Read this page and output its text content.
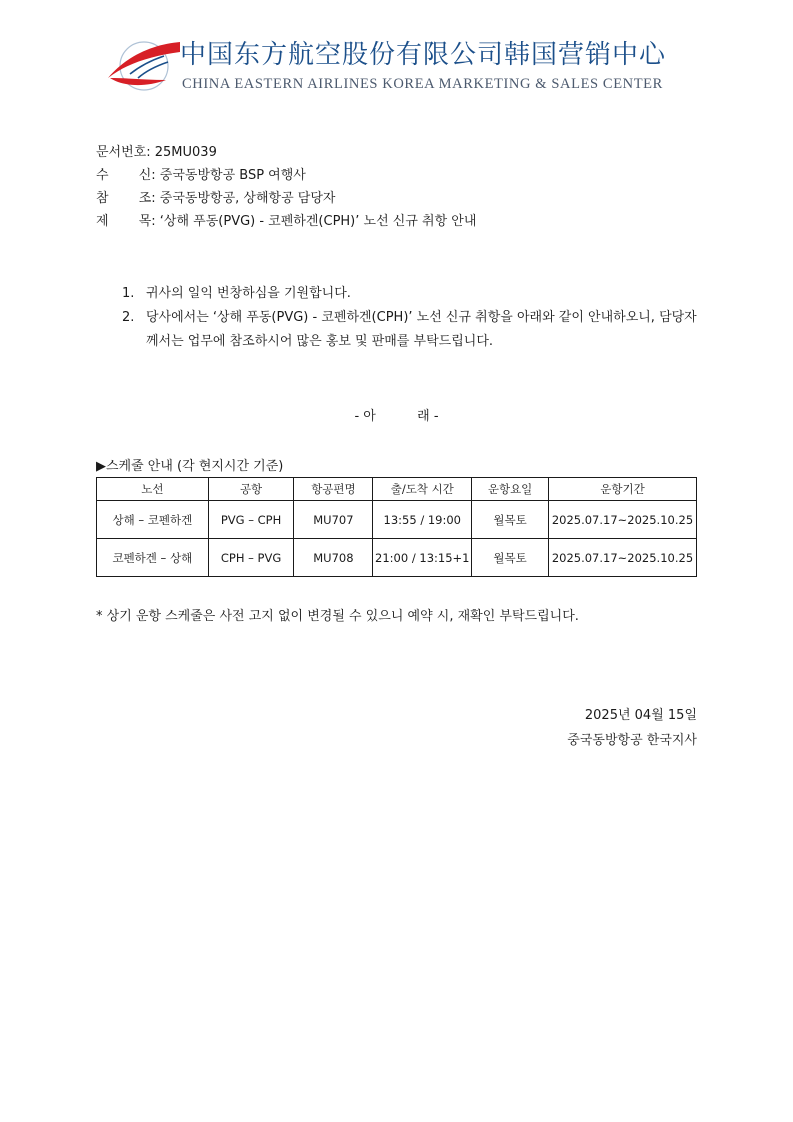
中国东方航空股份有限公司韩国营销中心
CHINA EASTERN AIRLINES KOREA MARKETING & SALES CENTER
문서번호: 25MU039
수　 　신: 중국동방항공 BSP 여행사
참　 　조: 중국동방항공, 상해항공 담당자
제　 　목: ‘상해 푸동(PVG) - 코펜하겐(CPH)’ 노선 신규 취항 안내
1. 귀사의 일익 번창하심을 기원합니다.
2. 당사에서는 ‘상해 푸동(PVG) - 코펜하겐(CPH)’ 노선 신규 취항을 아래와 같이 안내하오니, 담당자께서는 업무에 참조하시어 많은 홍보 및 판매를 부탁드립니다.
- 아          래 -
▶스케줄 안내 (각 현지시간 기준)
노선	공항	항공편명	출/도착 시간	운항요일	운항기간
상해 – 코펜하겐	PVG – CPH	MU707	13:55 / 19:00	월목토	2025.07.17~2025.10.25
코펜하겐 – 상해	CPH – PVG	MU708	21:00 / 13:15+1	월목토	2025.07.17~2025.10.25
* 상기 운항 스케줄은 사전 고지 없이 변경될 수 있으니 예약 시, 재확인 부탁드립니다.
2025년 04월 15일
중국동방항공 한국지사
